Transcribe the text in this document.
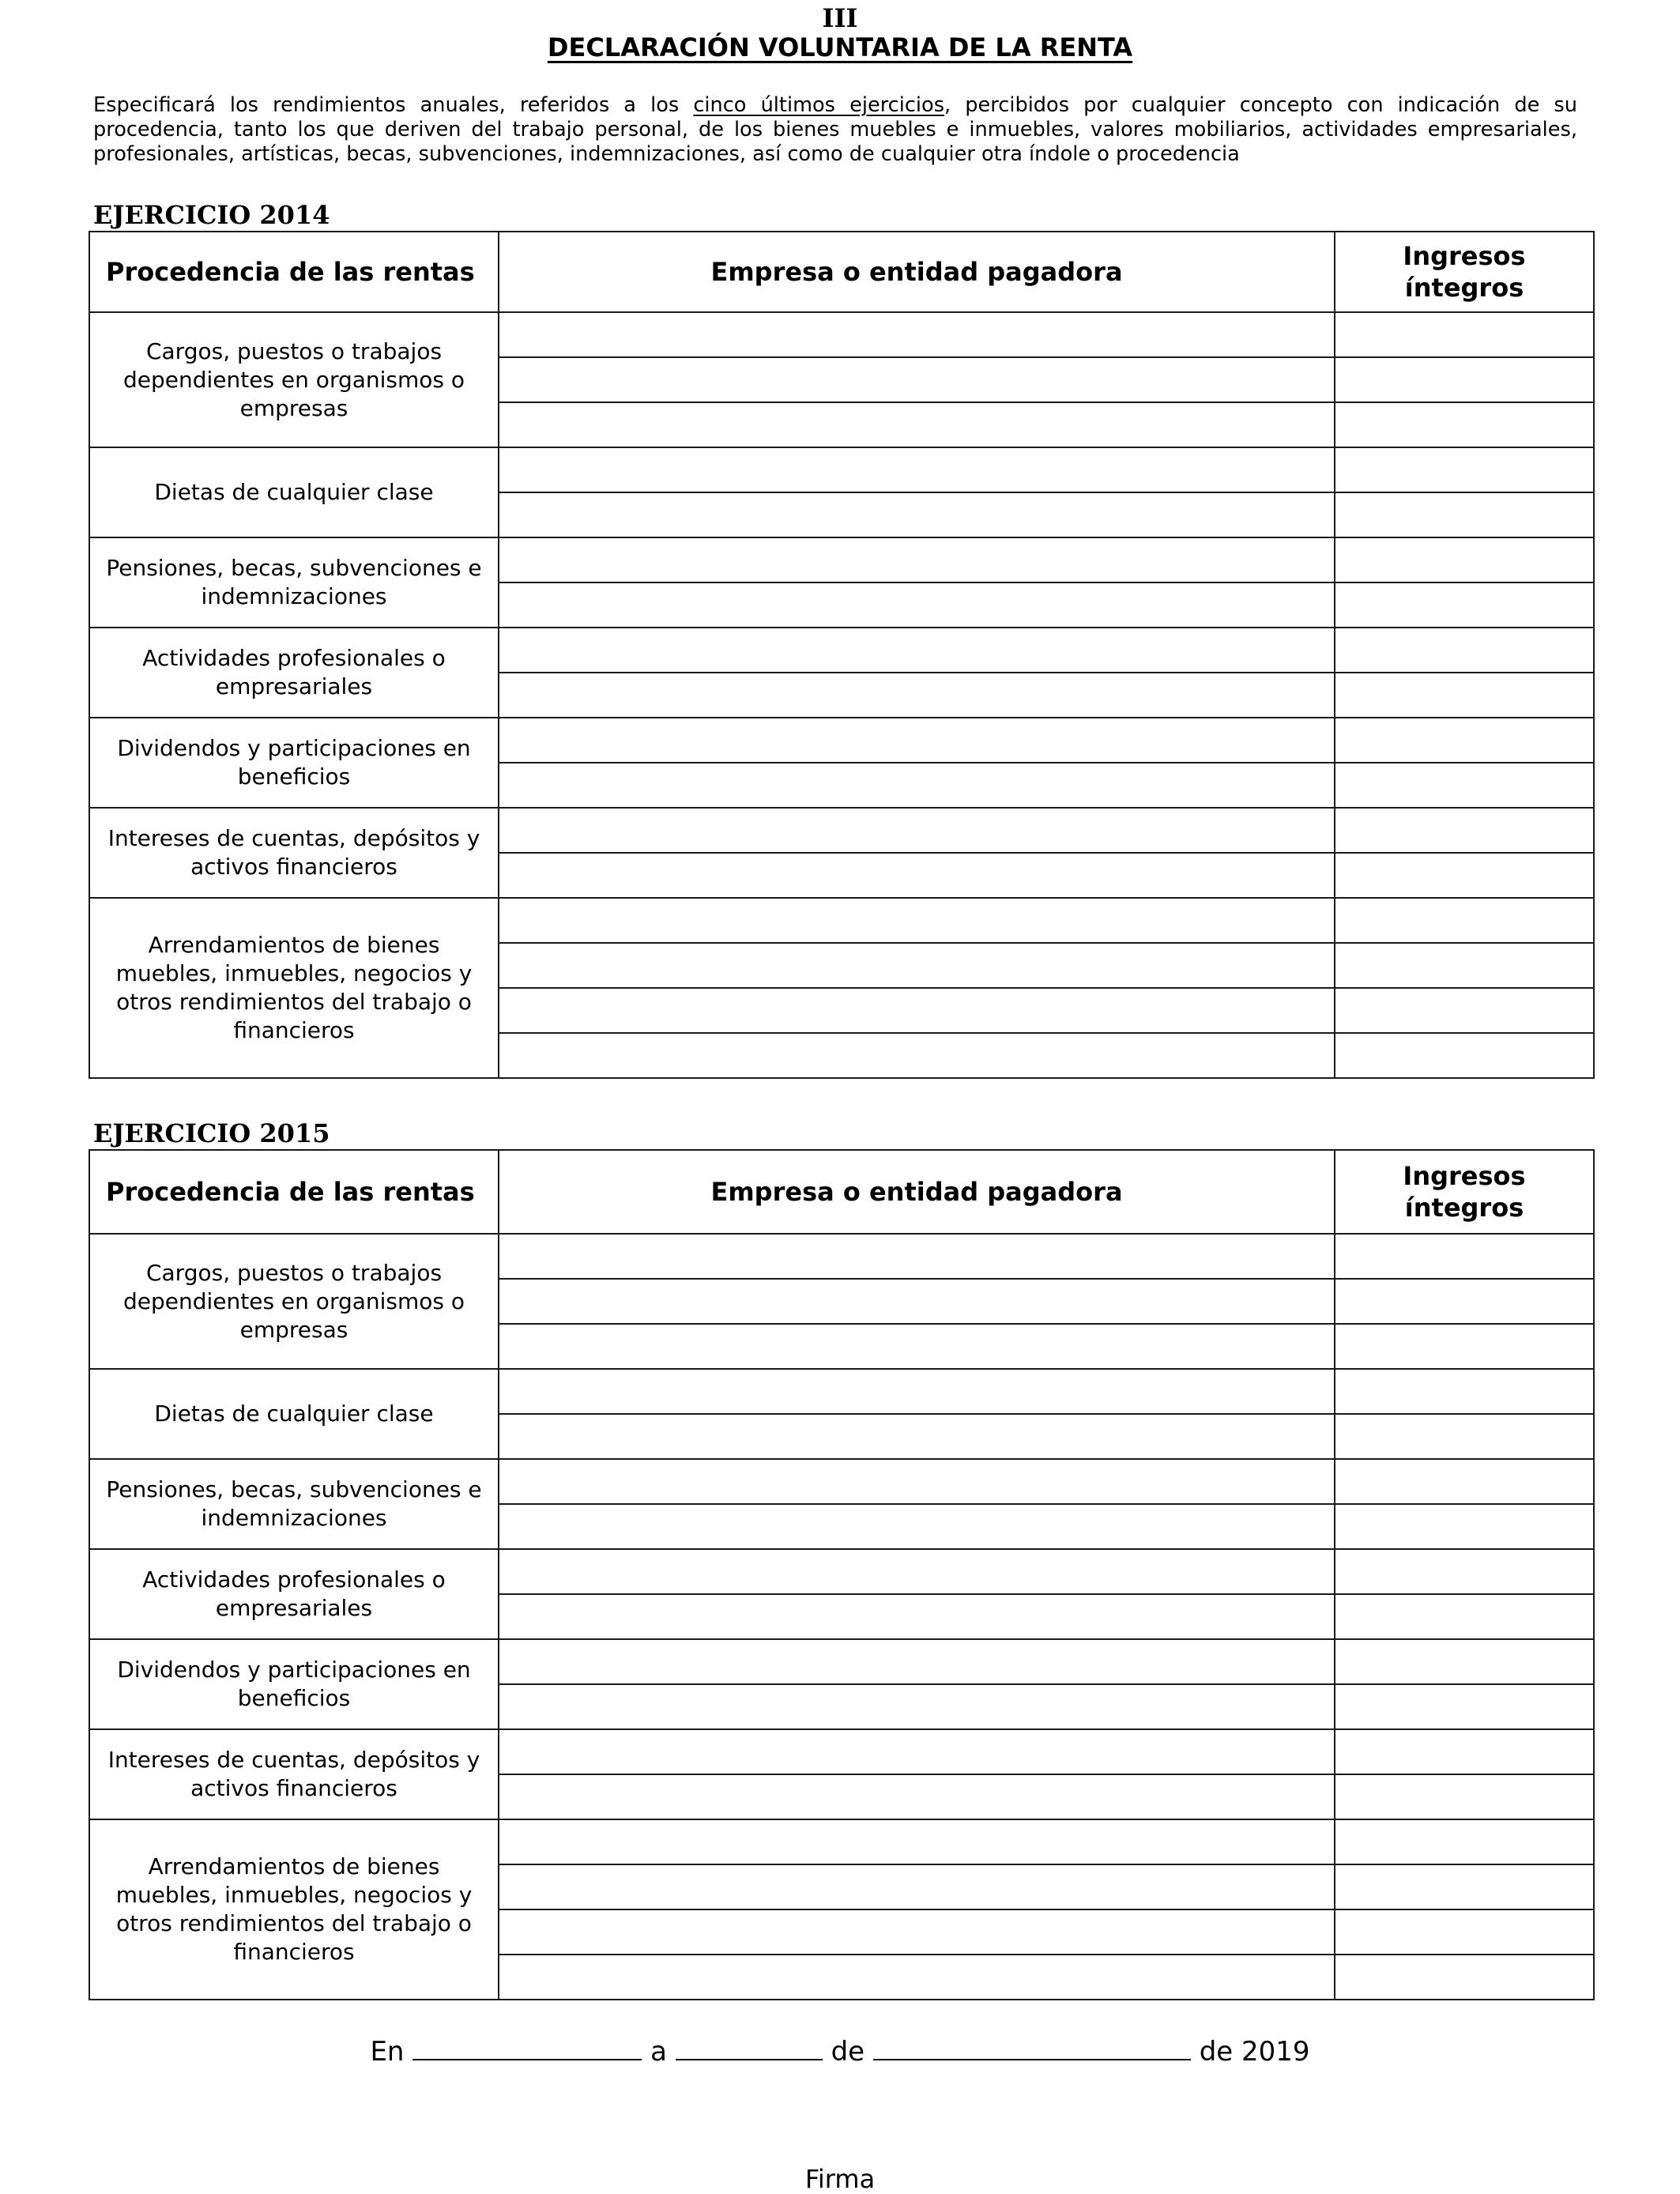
III
DECLARACIÓN VOLUNTARIA DE LA RENTA
Especificará los rendimientos anuales, referidos a los cinco últimos ejercicios, percibidos por cualquier concepto con indicación de su procedencia, tanto los que deriven del trabajo personal, de los bienes muebles e inmuebles, valores mobiliarios, actividades empresariales, profesionales, artísticas, becas, subvenciones, indemnizaciones, así como de cualquier otra índole o procedencia
EJERCICIO 2014
Procedencia de las rentas	Empresa o entidad pagadora	Ingresos
íntegros

Cargos, puestos o trabajos dependientes en organismos o empresas		

Dietas de cualquier clase		

Pensiones, becas, subvenciones e indemnizaciones		

Actividades profesionales o empresariales		

Dividendos y participaciones en beneficios		

Intereses de cuentas, depósitos y activos financieros		

Arrendamientos de bienes muebles, inmuebles, negocios y otros rendimientos del trabajo o financieros		

EJERCICIO 2015
Procedencia de las rentas	Empresa o entidad pagadora	Ingresos
íntegros

Cargos, puestos o trabajos dependientes en organismos o empresas		

Dietas de cualquier clase		

Pensiones, becas, subvenciones e indemnizaciones		

Actividades profesionales o empresariales		

Dividendos y participaciones en beneficios		

Intereses de cuentas, depósitos y activos financieros		

Arrendamientos de bienes muebles, inmuebles, negocios y otros rendimientos del trabajo o financieros		

En	a	de	de 2019
Firma
